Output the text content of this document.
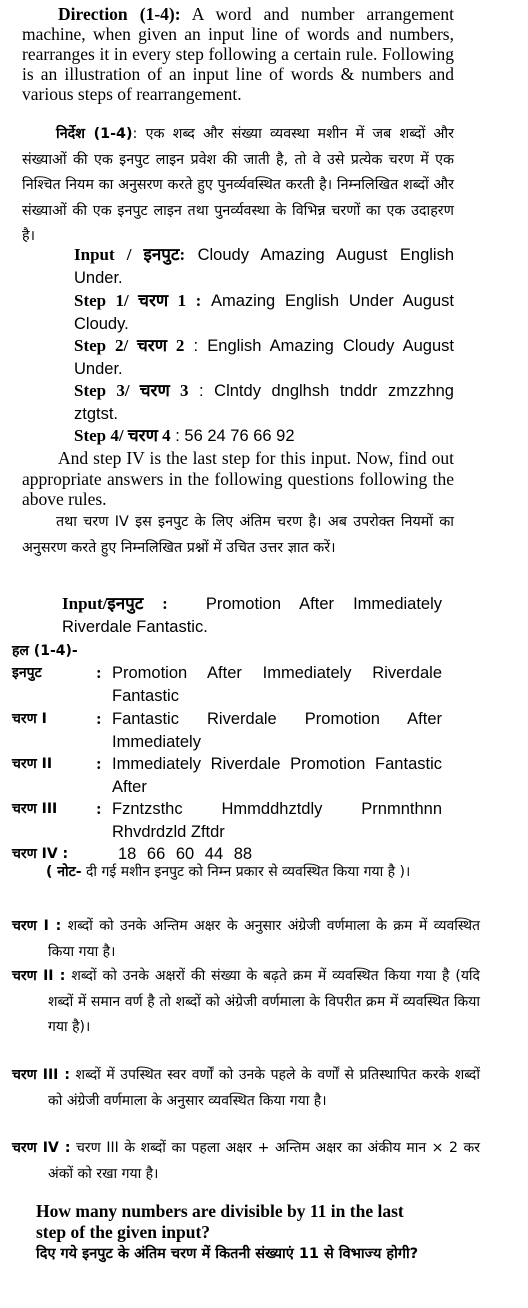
Direction (1-4): A word and number arrangement machine, when given an input line of words and numbers, rearranges it in every step following a certain rule. Following is an illustration of an input line of words & numbers and various steps of rearrangement.

निर्देश (1-4): एक शब्द और संख्या व्यवस्था मशीन में जब शब्दों और संख्याओं की एक इनपुट लाइन प्रवेश की जाती है, तो वे उसे प्रत्येक चरण में एक निश्चित नियम का अनुसरण करते हुए पुनर्व्यवस्थित करती है। निम्नलिखित शब्दों और संख्याओं की एक इनपुट लाइन तथा पुनर्व्यवस्था के विभिन्न चरणों का एक उदाहरण है।

Input / इनपुट: Cloudy Amazing August English Under.

Step 1/ चरण 1 : Amazing English Under August Cloudy.

Step 2/ चरण 2 : English Amazing Cloudy August Under.

Step 3/ चरण 3 : Clntdy dnglhsh tnddr zmzzhng ztgtst.

Step 4/ चरण 4 : 56 24 76 66 92

And step IV is the last step for this input. Now, find out appropriate answers in the following questions following the above rules.

तथा चरण IV इस इनपुट के लिए अंतिम चरण है। अब उपरोक्त नियमों का अनुसरण करते हुए निम्नलिखित प्रश्नों में उचित उत्तर ज्ञात करें।

Input/इनपुट : Promotion After Immediately Riverdale Fantastic.

हल (1-4)-

इनपुट	: Promotion After Immediately Riverdale Fantastic
चरण I	: Fantastic Riverdale Promotion After Immediately
चरण II	: Immediately Riverdale Promotion Fantastic After
चरण III : Fzntzsthc Hmmddhztdly Prnmnthnn Rhvdrdzld Zftdr
चरण IV :	18 66 60 44 88

( नोट- दी गई मशीन इनपुट को निम्न प्रकार से व्यवस्थित किया गया है )।

चरण I : शब्दों को उनके अन्तिम अक्षर के अनुसार अंग्रेजी वर्णमाला के क्रम में व्यवस्थित किया गया है।

चरण II : शब्दों को उनके अक्षरों की संख्या के बढ़ते क्रम में व्यवस्थित किया गया है (यदि शब्दों में समान वर्ण है तो शब्दों को अंग्रेजी वर्णमाला के विपरीत क्रम में व्यवस्थित किया गया है)।

चरण III : शब्दों में उपस्थित स्वर वर्णों को उनके पहले के वर्णों से प्रतिस्थापित करके शब्दों को अंग्रेजी वर्णमाला के अनुसार व्यवस्थित किया गया है।

चरण IV : चरण III के शब्दों का पहला अक्षर + अन्तिम अक्षर का अंकीय मान × 2 कर अंकों को रखा गया है।

How many numbers are divisible by 11 in the last step of the given input?

दिए गये इनपुट के अंतिम चरण में कितनी संख्याएं 11 से विभाज्य होगी?
